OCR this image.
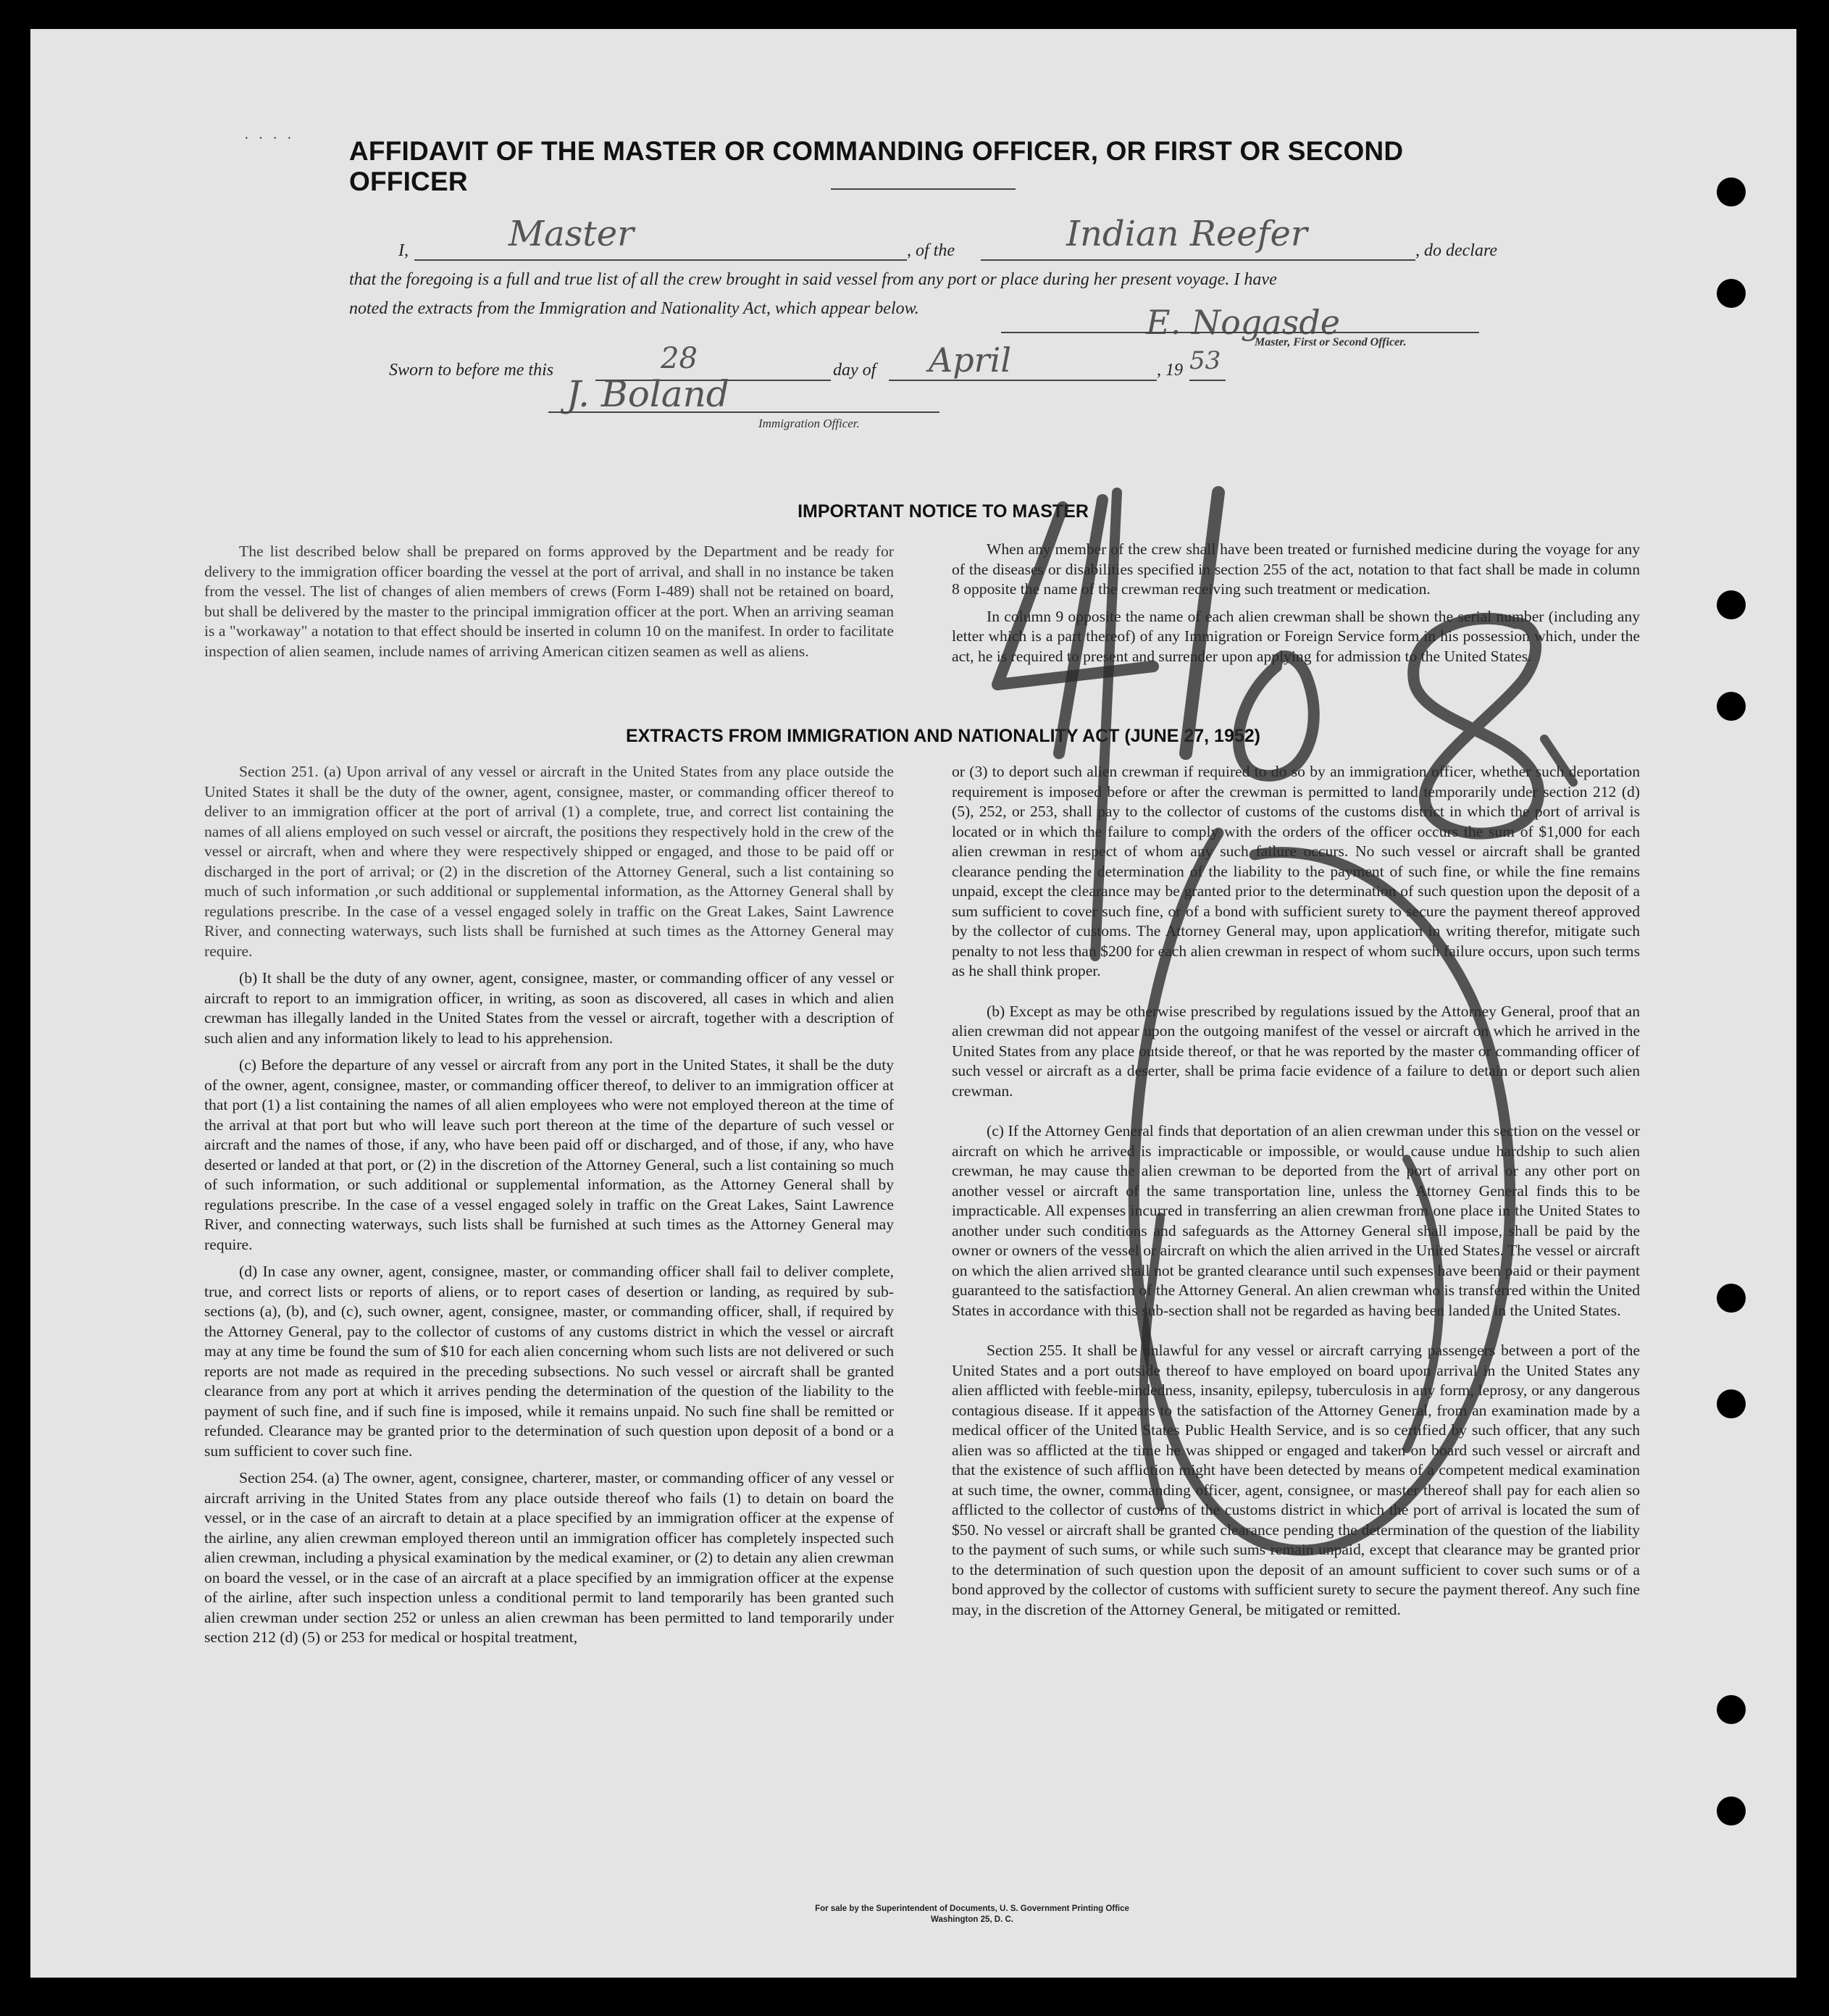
· · · · AFFIDAVIT OF THE MASTER OR COMMANDING OFFICER, OR FIRST OR SECOND OFFICER
I,	Master	, of the	Indian Reefer	, do declare
that the foregoing is a full and true list of all the crew brought in said vessel from any port or place during her present voyage. I have
noted the extracts from the Immigration and Nationality Act, which appear below.	E. Nogasde
Master, First or Second Officer.
Sworn to before me this	28	day of April	, 19 53
J. Boland
Immigration Officer.
IMPORTANT NOTICE TO MASTER

The list described below shall be prepared on forms approved by the Department and be ready for delivery to the immigration officer boarding the vessel at the port of arrival, and shall in no instance be taken from the vessel. The list of changes of alien members of crews (Form I-489) shall not be retained on board, but shall be delivered by the master to the principal immigration officer at the port. When an arriving seaman is a "workaway" a notation to that effect should be inserted in column 10 on the manifest. In order to facilitate inspection of alien seamen, include names of arriving American citizen seamen as well as aliens.

When any member of the crew shall have been treated or furnished medicine during the voyage for any of the diseases or disabilities specified in section 255 of the act, notation to that fact shall be made in column 8 opposite the name of the crewman receiving such treatment or medication.

In column 9 opposite the name of each alien crewman shall be shown the serial number (including any letter which is a part thereof) of any Immigration or Foreign Service form in his possession which, under the act, he is required to present and surrender upon applying for admission to the United States.

EXTRACTS FROM IMMIGRATION AND NATIONALITY ACT (JUNE 27, 1952)

Section 251. (a) Upon arrival of any vessel or aircraft in the United States from any place outside the United States it shall be the duty of the owner, agent, consignee, master, or commanding officer thereof to deliver to an immigration officer at the port of arrival (1) a complete, true, and correct list containing the names of all aliens employed on such vessel or aircraft, the positions they respectively hold in the crew of the vessel or aircraft, when and where they were respectively shipped or engaged, and those to be paid off or discharged in the port of arrival; or (2) in the discretion of the Attorney General, such a list containing so much of such information ,or such additional or supplemental information, as the Attorney General shall by regulations prescribe. In the case of a vessel engaged solely in traffic on the Great Lakes, Saint Lawrence River, and connecting waterways, such lists shall be furnished at such times as the Attorney General may require.

(b) It shall be the duty of any owner, agent, consignee, master, or commanding officer of any vessel or aircraft to report to an immigration officer, in writing, as soon as discovered, all cases in which and alien crewman has illegally landed in the United States from the vessel or aircraft, together with a description of such alien and any information likely to lead to his apprehension.

(c) Before the departure of any vessel or aircraft from any port in the United States, it shall be the duty of the owner, agent, consignee, master, or commanding officer thereof, to deliver to an immigration officer at that port (1) a list containing the names of all alien employees who were not employed thereon at the time of the arrival at that port but who will leave such port thereon at the time of the departure of such vessel or aircraft and the names of those, if any, who have been paid off or discharged, and of those, if any, who have deserted or landed at that port, or (2) in the discretion of the Attorney General, such a list containing so much of such information, or such additional or supplemental information, as the Attorney General shall by regulations prescribe. In the case of a vessel engaged solely in traffic on the Great Lakes, Saint Lawrence River, and connecting waterways, such lists shall be furnished at such times as the Attorney General may require.

(d) In case any owner, agent, consignee, master, or commanding officer shall fail to deliver complete, true, and correct lists or reports of aliens, or to report cases of desertion or landing, as required by sub-sections (a), (b), and (c), such owner, agent, consignee, master, or commanding officer, shall, if required by the Attorney General, pay to the collector of customs of any customs district in which the vessel or aircraft may at any time be found the sum of $10 for each alien concerning whom such lists are not delivered or such reports are not made as required in the preceding subsections. No such vessel or aircraft shall be granted clearance from any port at which it arrives pending the determination of the question of the liability to the payment of such fine, and if such fine is imposed, while it remains unpaid. No such fine shall be remitted or refunded. Clearance may be granted prior to the determination of such question upon deposit of a bond or a sum sufficient to cover such fine.

Section 254. (a) The owner, agent, consignee, charterer, master, or commanding officer of any vessel or aircraft arriving in the United States from any place outside thereof who fails (1) to detain on board the vessel, or in the case of an aircraft to detain at a place specified by an immigration officer at the expense of the airline, any alien crewman employed thereon until an immigration officer has completely inspected such alien crewman, including a physical examination by the medical examiner, or (2) to detain any alien crewman on board the vessel, or in the case of an aircraft at a place specified by an immigration officer at the expense of the airline, after such inspection unless a conditional permit to land temporarily has been granted such alien crewman under section 252 or unless an alien crewman has been permitted to land temporarily under section 212 (d) (5) or 253 for medical or hospital treatment,

or (3) to deport such alien crewman if required to do so by an immigration officer, whether such deportation requirement is imposed before or after the crewman is permitted to land temporarily under section 212 (d) (5), 252, or 253, shall pay to the collector of customs of the customs district in which the port of arrival is located or in which the failure to comply with the orders of the officer occurs the sum of $1,000 for each alien crewman in respect of whom any such failure occurs. No such vessel or aircraft shall be granted clearance pending the determination of the liability to the payment of such fine, or while the fine remains unpaid, except the clearance may be granted prior to the determination of such question upon the deposit of a sum sufficient to cover such fine, or of a bond with sufficient surety to secure the payment thereof approved by the collector of customs. The Attorney General may, upon application in writing therefor, mitigate such penalty to not less than $200 for each alien crewman in respect of whom such failure occurs, upon such terms as he shall think proper.

(b) Except as may be otherwise prescribed by regulations issued by the Attorney General, proof that an alien crewman did not appear upon the outgoing manifest of the vessel or aircraft on which he arrived in the United States from any place outside thereof, or that he was reported by the master or commanding officer of such vessel or aircraft as a deserter, shall be prima facie evidence of a failure to detain or deport such alien crewman.

(c) If the Attorney General finds that deportation of an alien crewman under this section on the vessel or aircraft on which he arrived is impracticable or impossible, or would cause undue hardship to such alien crewman, he may cause the alien crewman to be deported from the port of arrival or any other port on another vessel or aircraft of the same transportation line, unless the Attorney General finds this to be impracticable. All expenses incurred in transferring an alien crewman from one place in the United States to another under such conditions and safeguards as the Attorney General shall impose, shall be paid by the owner or owners of the vessel or aircraft on which the alien arrived in the United States. The vessel or aircraft on which the alien arrived shall not be granted clearance until such expenses have been paid or their payment guaranteed to the satisfaction of the Attorney General. An alien crewman who is transferred within the United States in accordance with this sub-section shall not be regarded as having been landed in the United States.

Section 255. It shall be unlawful for any vessel or aircraft carrying passengers between a port of the United States and a port outside thereof to have employed on board upon arrival in the United States any alien afflicted with feeble-mindedness, insanity, epilepsy, tuberculosis in any form, leprosy, or any dangerous contagious disease. If it appears to the satisfaction of the Attorney General, from an examination made by a medical officer of the United States Public Health Service, and is so certified by such officer, that any such alien was so afflicted at the time he was shipped or engaged and taken on board such vessel or aircraft and that the existence of such affliction might have been detected by means of a competent medical examination at such time, the owner, commanding officer, agent, consignee, or master thereof shall pay for each alien so afflicted to the collector of customs of the customs district in which the port of arrival is located the sum of $50. No vessel or aircraft shall be granted clearance pending the determination of the question of the liability to the payment of such sums, or while such sums remain unpaid, except that clearance may be granted prior to the determination of such question upon the deposit of an amount sufficient to cover such sums or of a bond approved by the collector of customs with sufficient surety to secure the payment thereof. Any such fine may, in the discretion of the Attorney General, be mitigated or remitted.

For sale by the Superintendent of Documents, U. S. Government Printing Office
Washington 25, D. C.
